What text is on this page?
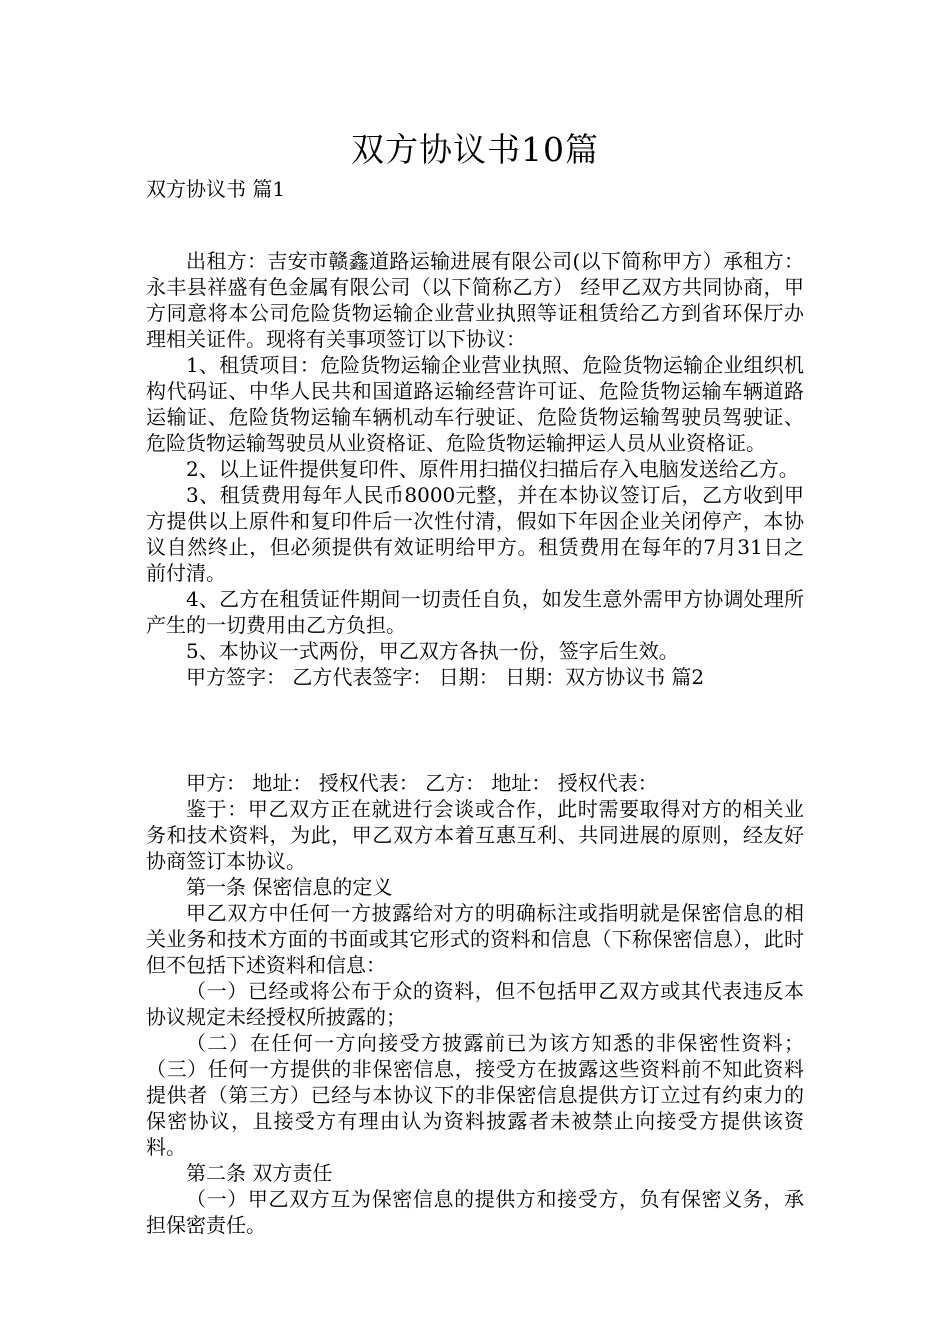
双方协议书10篇
双方协议书 篇1

出租方：吉安市赣鑫道路运输进展有限公司(以下简称甲方）承租方：永丰县祥盛有色金属有限公司（以下简称乙方） 经甲乙双方共同协商，甲方同意将本公司危险货物运输企业营业执照等证租赁给乙方到省环保厅办理相关证件。现将有关事项签订以下协议：

1、租赁项目：危险货物运输企业营业执照、危险货物运输企业组织机构代码证、中华人民共和国道路运输经营许可证、危险货物运输车辆道路运输证、危险货物运输车辆机动车行驶证、危险货物运输驾驶员驾驶证、危险货物运输驾驶员从业资格证、危险货物运输押运人员从业资格证。

2、以上证件提供复印件、原件用扫描仪扫描后存入电脑发送给乙方。

3、租赁费用每年人民币8000元整，并在本协议签订后，乙方收到甲方提供以上原件和复印件后一次性付清，假如下年因企业关闭停产，本协议自然终止，但必须提供有效证明给甲方。租赁费用在每年的7月31日之前付清。

4、乙方在租赁证件期间一切责任自负，如发生意外需甲方协调处理所产生的一切费用由乙方负担。

5、本协议一式两份，甲乙双方各执一份，签字后生效。

甲方签字： 乙方代表签字： 日期： 日期：双方协议书 篇2

甲方： 地址： 授权代表： 乙方： 地址： 授权代表：

鉴于：甲乙双方正在就进行会谈或合作，此时需要取得对方的相关业务和技术资料，为此，甲乙双方本着互惠互利、共同进展的原则，经友好协商签订本协议。

第一条 保密信息的定义

甲乙双方中任何一方披露给对方的明确标注或指明就是保密信息的相关业务和技术方面的书面或其它形式的资料和信息（下称保密信息），此时但不包括下述资料和信息：

（一）已经或将公布于众的资料，但不包括甲乙双方或其代表违反本协议规定未经授权所披露的；

（二）在任何一方向接受方披露前已为该方知悉的非保密性资料；（三）任何一方提供的非保密信息，接受方在披露这些资料前不知此资料提供者（第三方）已经与本协议下的非保密信息提供方订立过有约束力的保密协议，且接受方有理由认为资料披露者未被禁止向接受方提供该资料。

第二条 双方责任

（一）甲乙双方互为保密信息的提供方和接受方，负有保密义务，承担保密责任。
